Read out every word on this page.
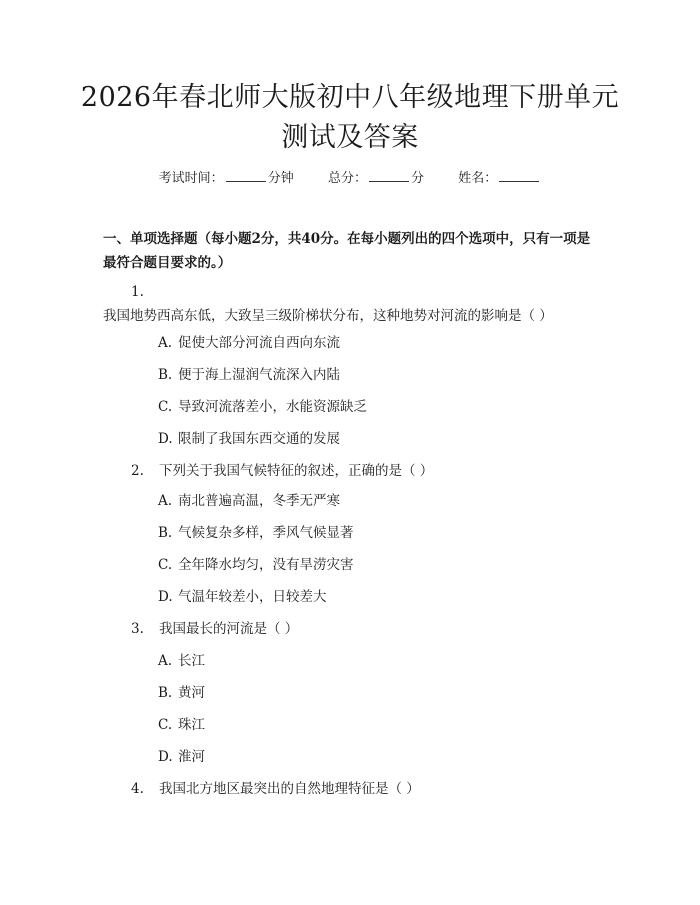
2026年春北师大版初中八年级地理下册单元
测试及答案
考试时间：	分钟	总分：	分	姓名：

一、单项选择题（每小题2分，共40分。在每小题列出的四个选项中，只有一项是最符合题目要求的。）

1.我国地势西高东低，大致呈三级阶梯状分布，这种地势对河流的影响是（ ）
A. 促使大部分河流自西向东流
B. 便于海上湿润气流深入内陆
C. 导致河流落差小，水能资源缺乏
D. 限制了我国东西交通的发展
2. 下列关于我国气候特征的叙述，正确的是（ ）
A. 南北普遍高温，冬季无严寒
B. 气候复杂多样，季风气候显著
C. 全年降水均匀，没有旱涝灾害
D. 气温年较差小，日较差大
3. 我国最长的河流是（ ）
A. 长江
B. 黄河
C. 珠江
D. 淮河
4. 我国北方地区最突出的自然地理特征是（ ）
